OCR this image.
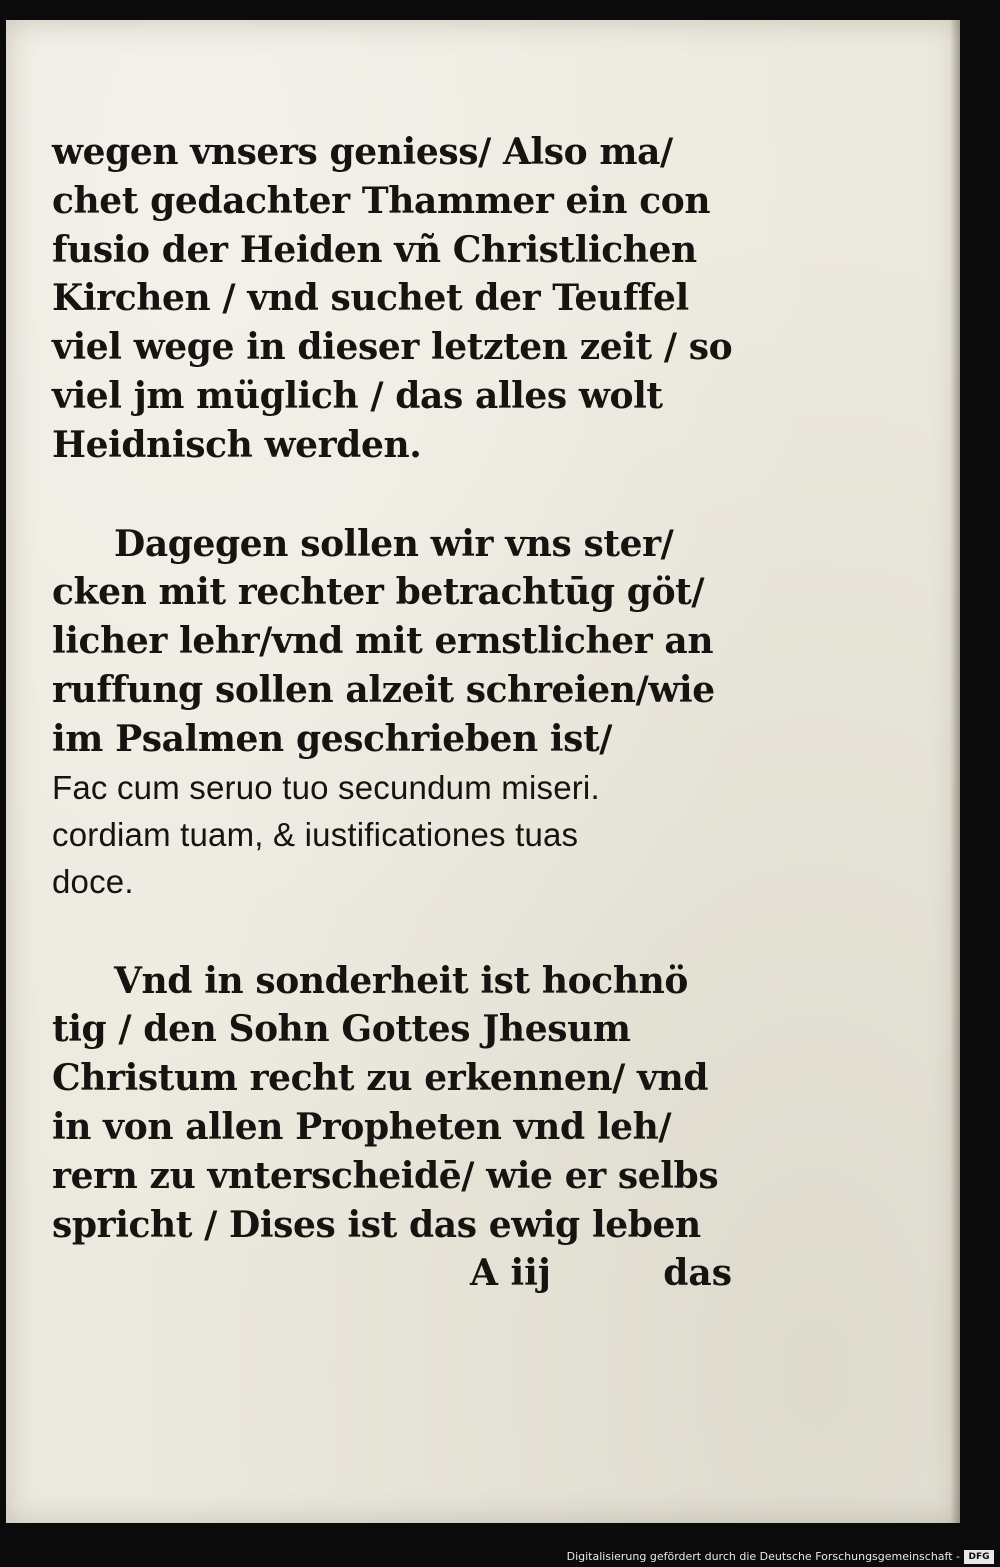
wegen vnsers geniess/ Also ma/
chet gedachter Thammer ein con
fusio der Heiden vñ Christlichen
Kirchen / vnd suchet der Teuffel
viel wege in dieser letzten zeit / so
viel jm müglich / das alles wolt
Heidnisch werden.
Dagegen sollen wir vns ster/
cken mit rechter betrachtūg göt/
licher lehr/vnd mit ernstlicher an
ruffung sollen alzeit schreien/wie
im Psalmen geschrieben ist/
Fac cum seruo tuo secundum miseri.
cordiam tuam, & iustificationes tuas
doce.
Vnd in sonderheit ist hochnö
tig / den Sohn Gottes Jhesum
Christum recht zu erkennen/ vnd
in von allen Propheten vnd leh/
rern zu vnterscheidē/ wie er selbs
spricht / Dises ist das ewig leben
A iij	das
Digitalisierung gefördert durch die Deutsche Forschungsgemeinschaft - DFG
